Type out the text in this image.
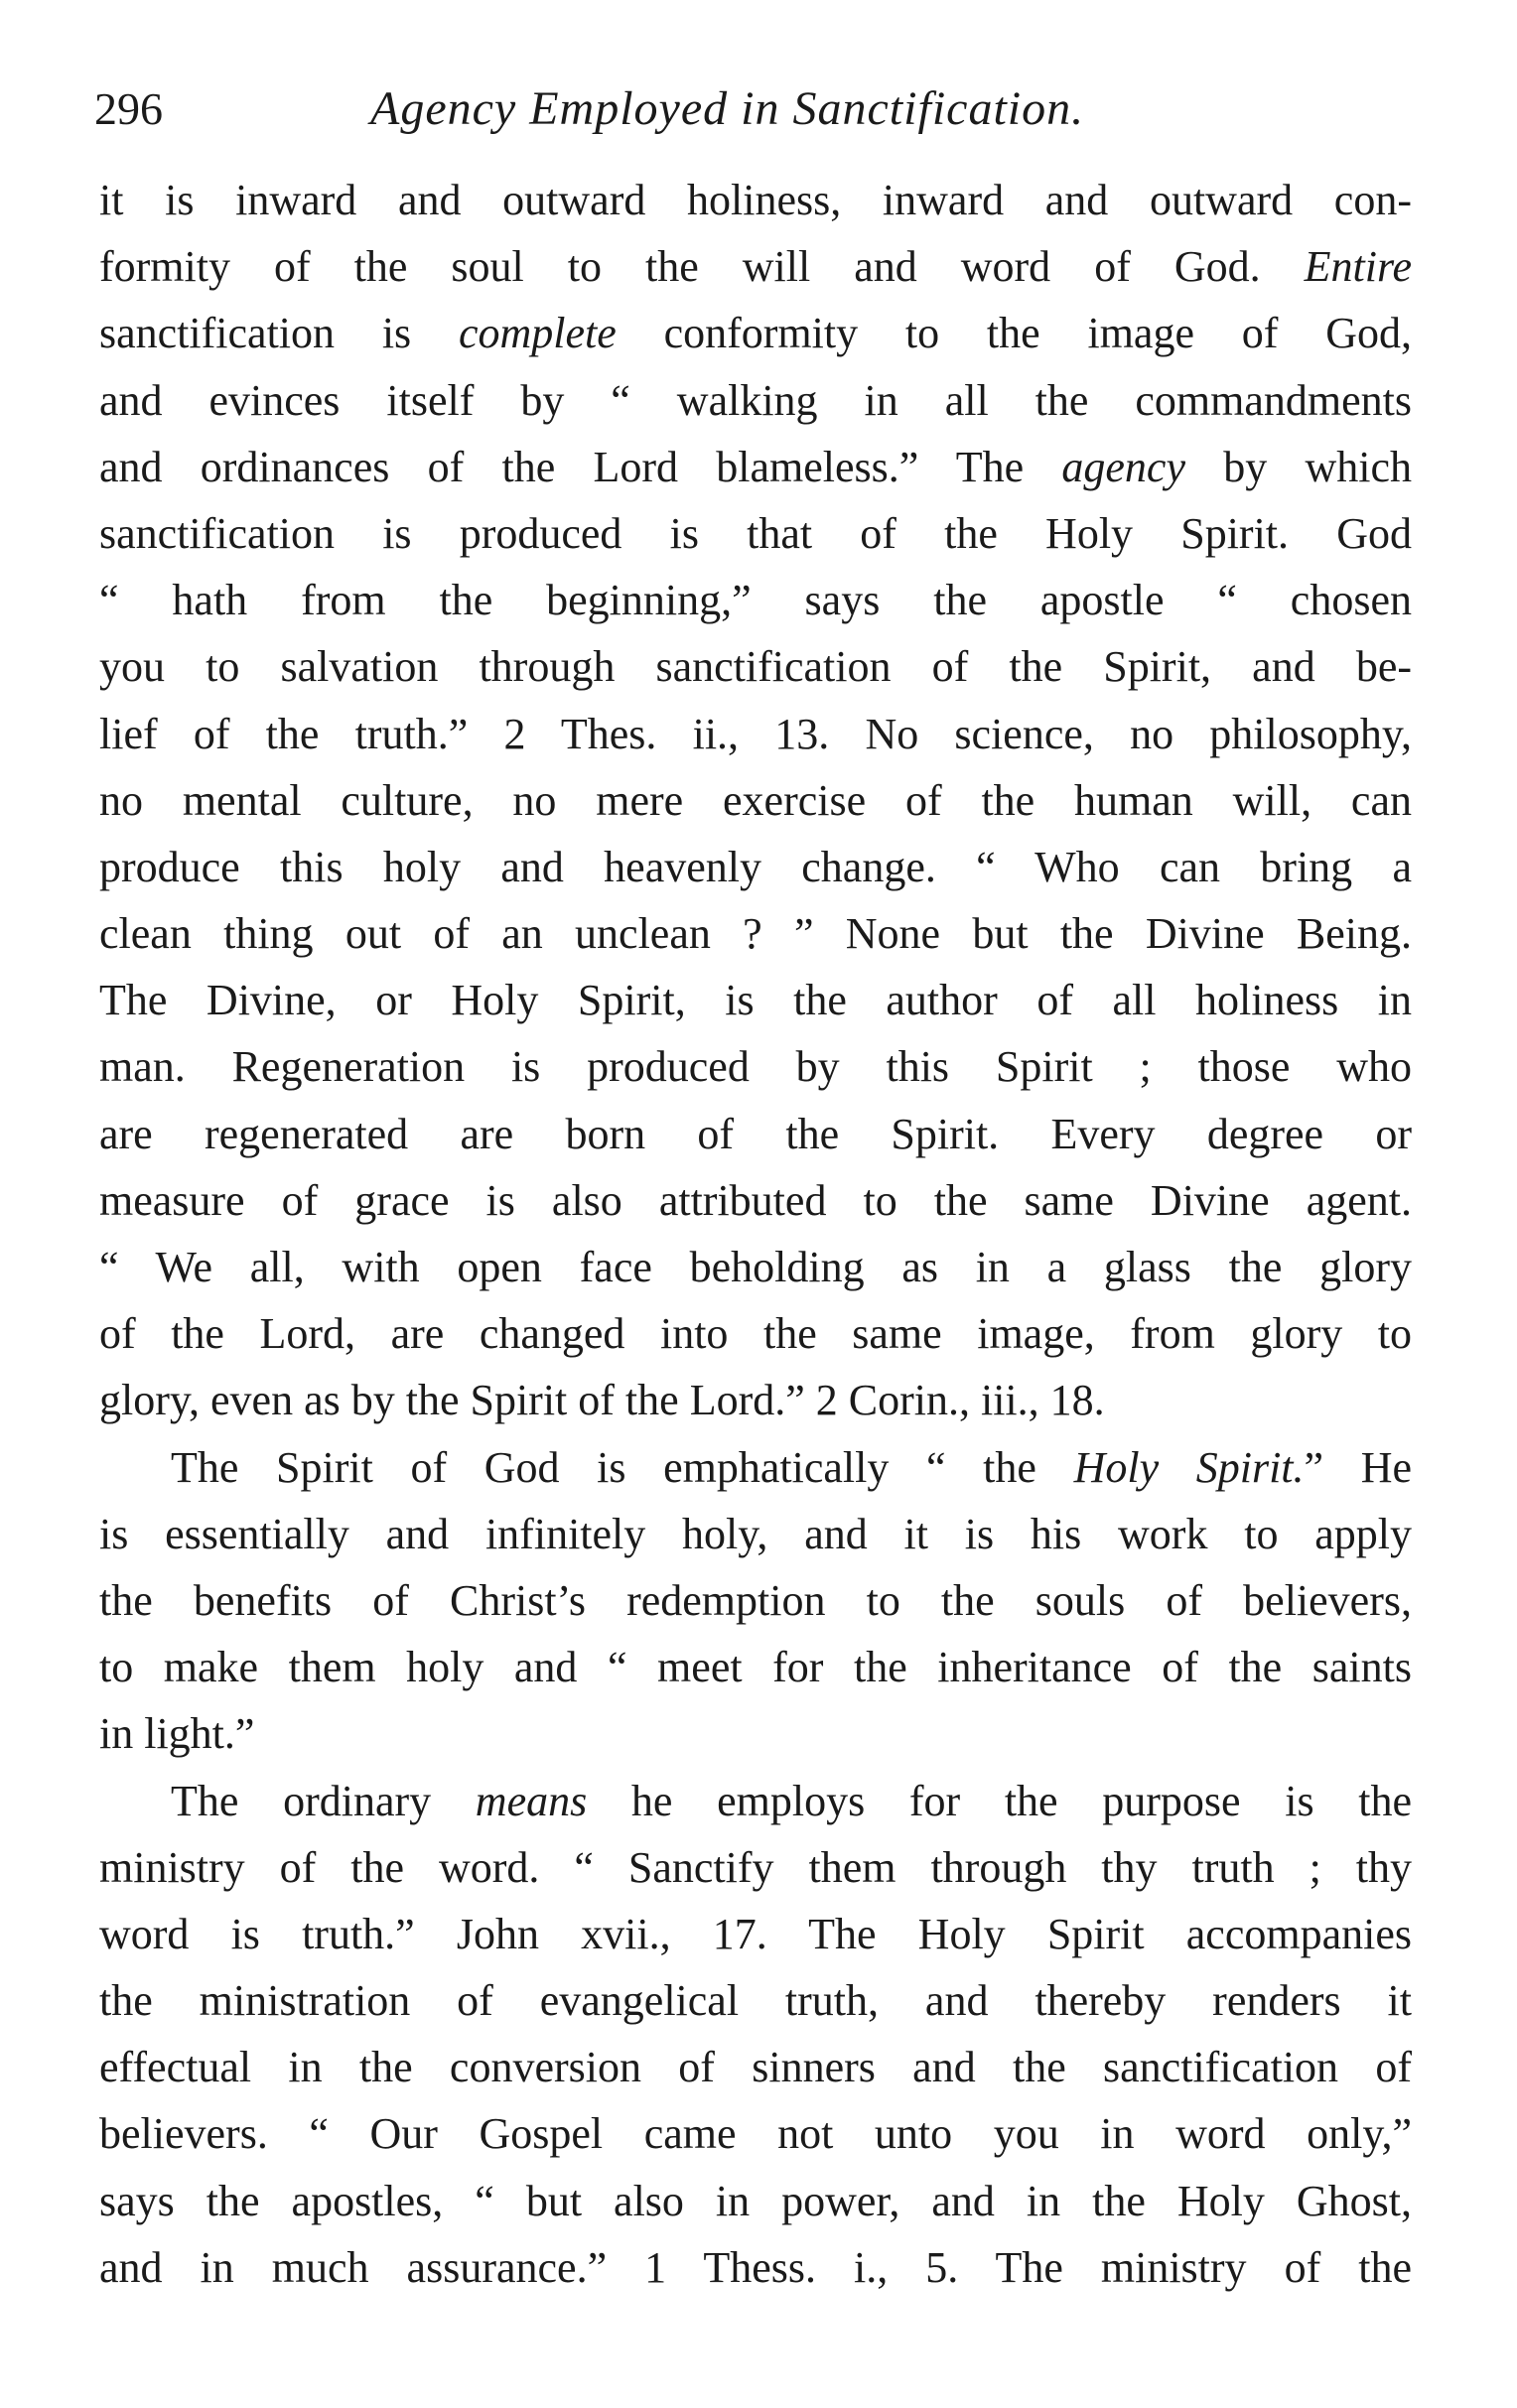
296	Agency Employed in Sanctification.
it is inward and outward holiness, inward and outward con-
formity of the soul to the will and word of God. Entire
sanctification is complete conformity to the image of God,
and evinces itself by “ walking in all the commandments
and ordinances of the Lord blameless.” The agency by which
sanctification is produced is that of the Holy Spirit. God
“ hath from the beginning,” says the apostle “ chosen
you to salvation through sanctification of the Spirit, and be-
lief of the truth.” 2 Thes. ii., 13. No science, no philosophy,
no mental culture, no mere exercise of the human will, can
produce this holy and heavenly change. “ Who can bring a
clean thing out of an unclean ? ” None but the Divine Being.
The Divine, or Holy Spirit, is the author of all holiness in
man. Regeneration is produced by this Spirit ; those who
are regenerated are born of the Spirit. Every degree or
measure of grace is also attributed to the same Divine agent.
“ We all, with open face beholding as in a glass the glory
of the Lord, are changed into the same image, from glory to
glory, even as by the Spirit of the Lord.” 2 Corin., iii., 18.
The Spirit of God is emphatically “ the Holy Spirit.” He
is essentially and infinitely holy, and it is his work to apply
the benefits of Christ’s redemption to the souls of believers,
to make them holy and “ meet for the inheritance of the saints
in light.”
The ordinary means he employs for the purpose is the
ministry of the word. “ Sanctify them through thy truth ; thy
word is truth.” John xvii., 17. The Holy Spirit accompanies
the ministration of evangelical truth, and thereby renders it
effectual in the conversion of sinners and the sanctification of
believers. “ Our Gospel came not unto you in word only,”
says the apostles, “ but also in power, and in the Holy Ghost,
and in much assurance.” 1 Thess. i., 5. The ministry of the
